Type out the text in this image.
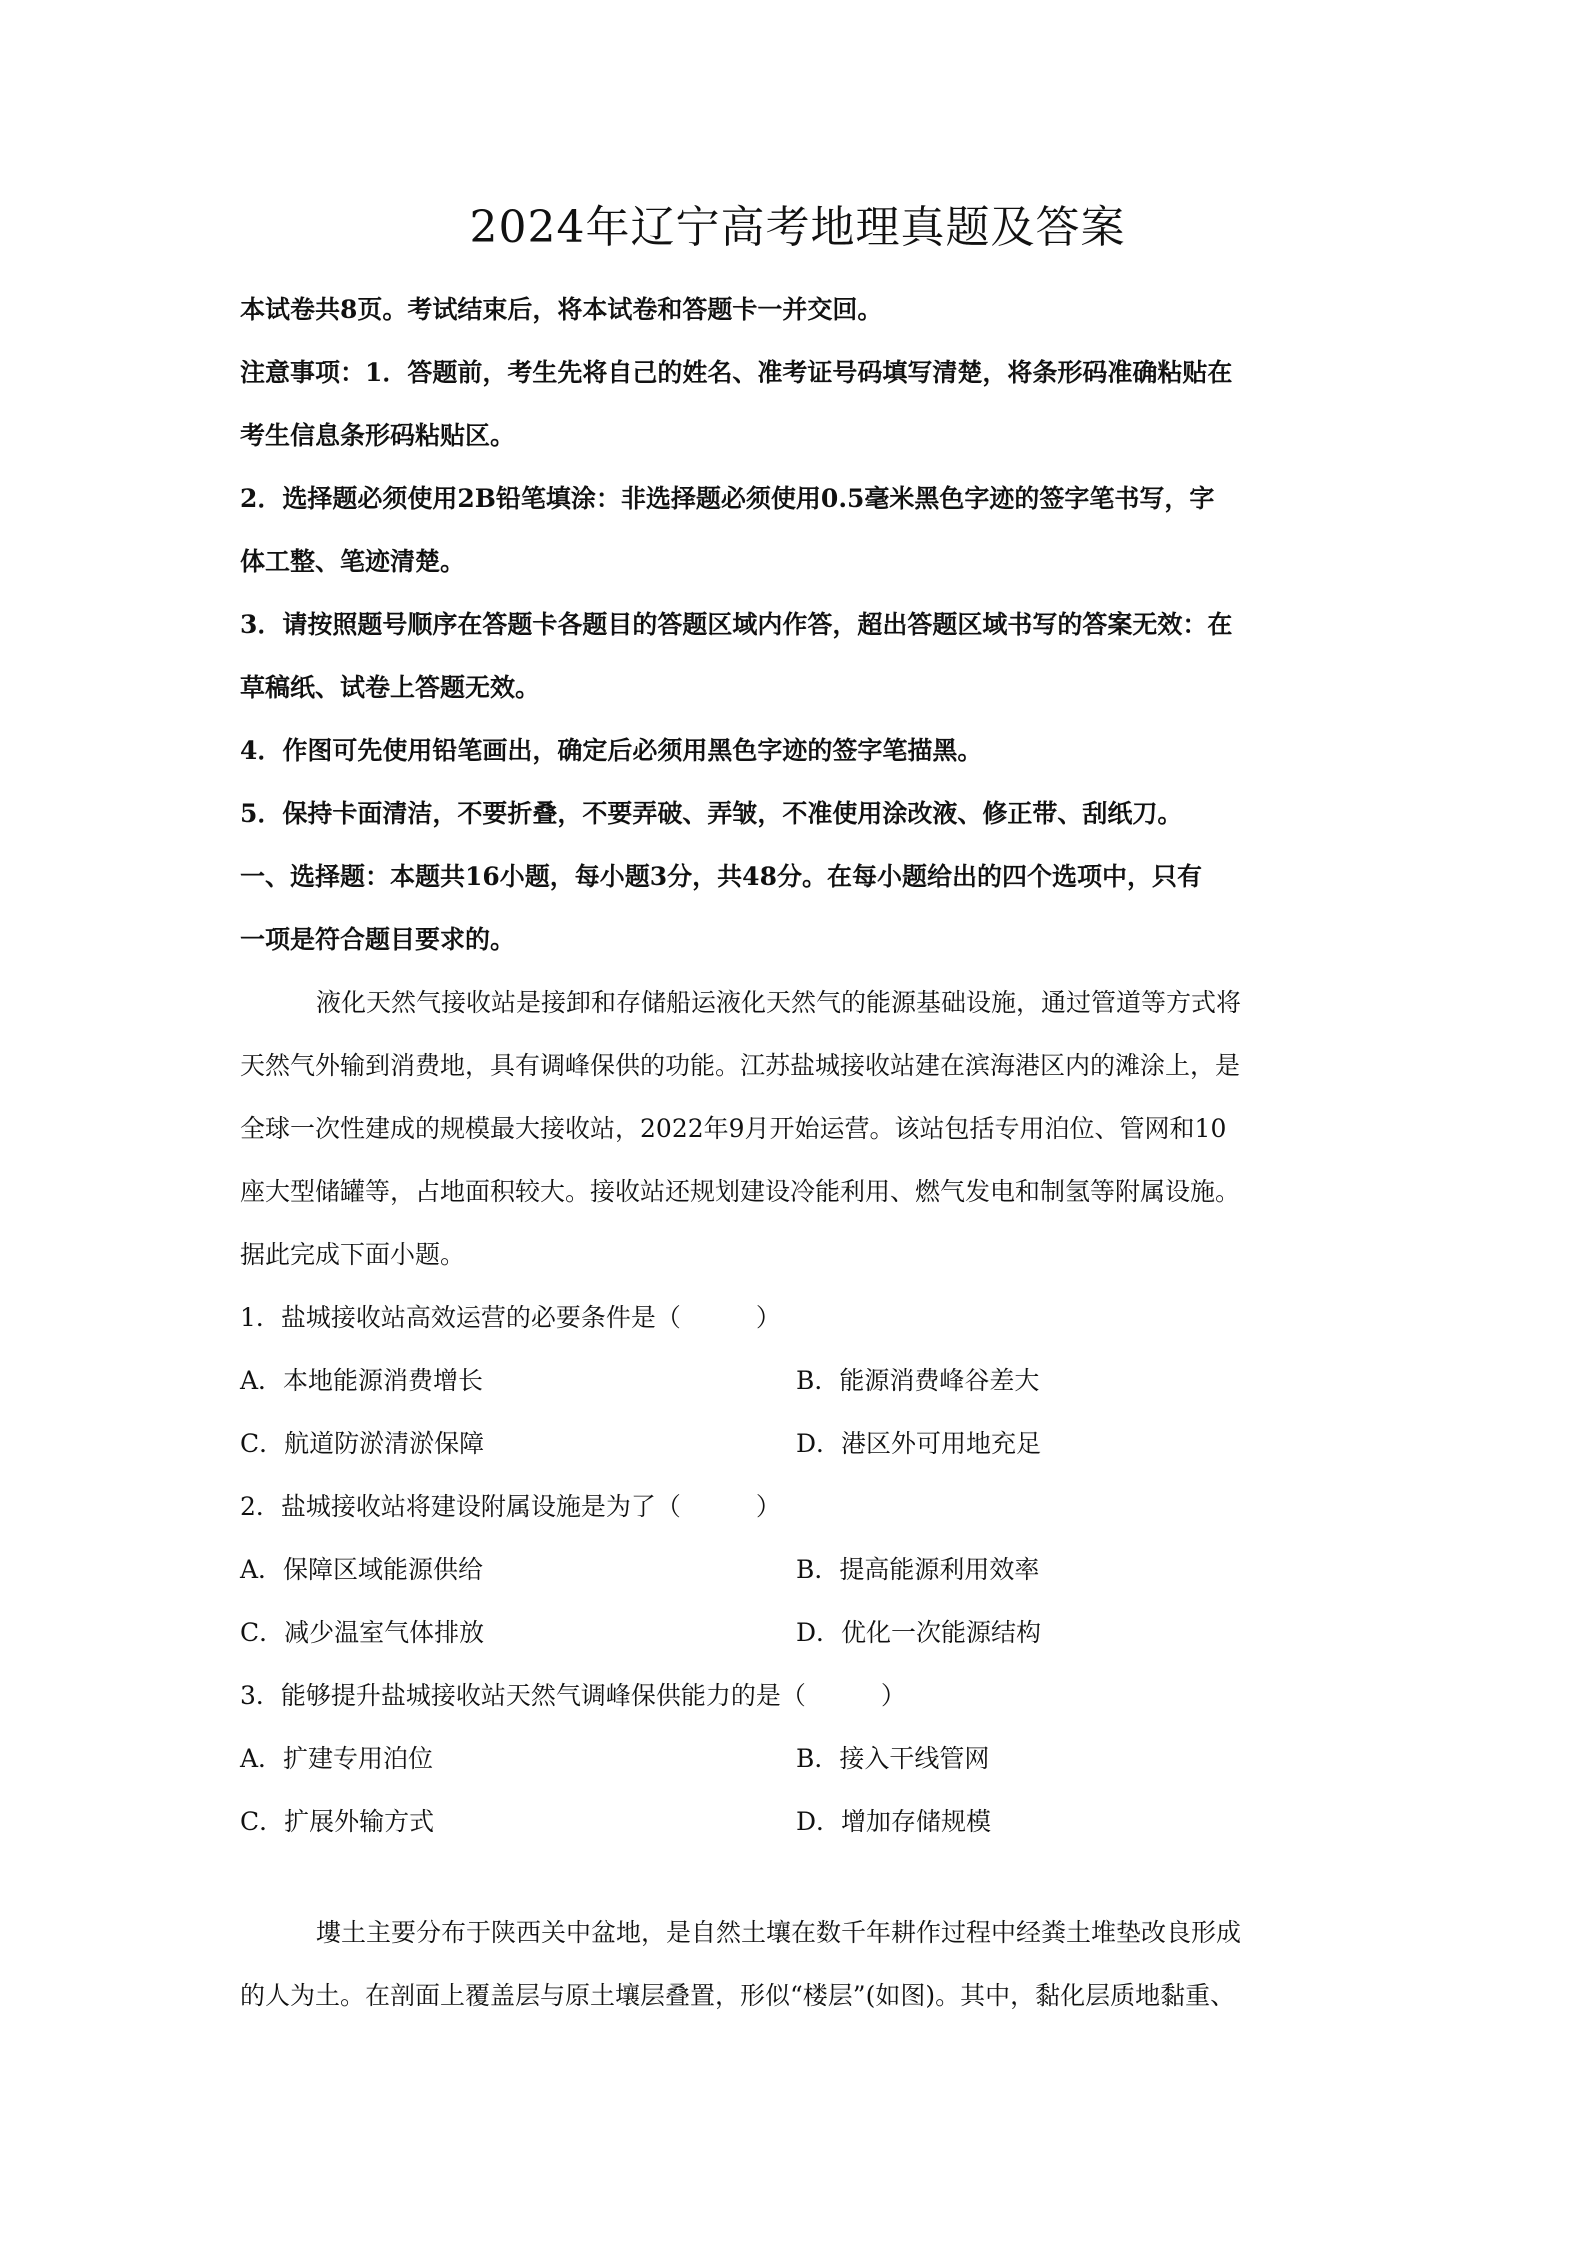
2024年辽宁高考地理真题及答案
本试卷共8页。考试结束后，将本试卷和答题卡一并交回。
注意事项：1．答题前，考生先将自己的姓名、准考证号码填写清楚，将条形码准确粘贴在
考生信息条形码粘贴区。
2．选择题必须使用2B铅笔填涂：非选择题必须使用0.5毫米黑色字迹的签字笔书写，字
体工整、笔迹清楚。
3．请按照题号顺序在答题卡各题目的答题区域内作答，超出答题区域书写的答案无效：在
草稿纸、试卷上答题无效。
4．作图可先使用铅笔画出，确定后必须用黑色字迹的签字笔描黑。
5．保持卡面清洁，不要折叠，不要弄破、弄皱，不准使用涂改液、修正带、刮纸刀。
一、选择题：本题共16小题，每小题3分，共48分。在每小题给出的四个选项中，只有
一项是符合题目要求的。
液化天然气接收站是接卸和存储船运液化天然气的能源基础设施，通过管道等方式将
天然气外输到消费地，具有调峰保供的功能。江苏盐城接收站建在滨海港区内的滩涂上，是
全球一次性建成的规模最大接收站，2022年9月开始运营。该站包括专用泊位、管网和10
座大型储罐等，占地面积较大。接收站还规划建设冷能利用、燃气发电和制氢等附属设施。
据此完成下面小题。
1．盐城接收站高效运营的必要条件是（　　　）
A．本地能源消费增长	B．能源消费峰谷差大
C．航道防淤清淤保障	D．港区外可用地充足
2．盐城接收站将建设附属设施是为了（　　　）
A．保障区域能源供给	B．提高能源利用效率
C．减少温室气体排放	D．优化一次能源结构
3．能够提升盐城接收站天然气调峰保供能力的是（　　　）
A．扩建专用泊位	B．接入干线管网
C．扩展外输方式	D．增加存储规模
塿土主要分布于陕西关中盆地，是自然土壤在数千年耕作过程中经粪土堆垫改良形成
的人为土。在剖面上覆盖层与原土壤层叠置，形似“楼层”(如图)。其中，黏化层质地黏重、
